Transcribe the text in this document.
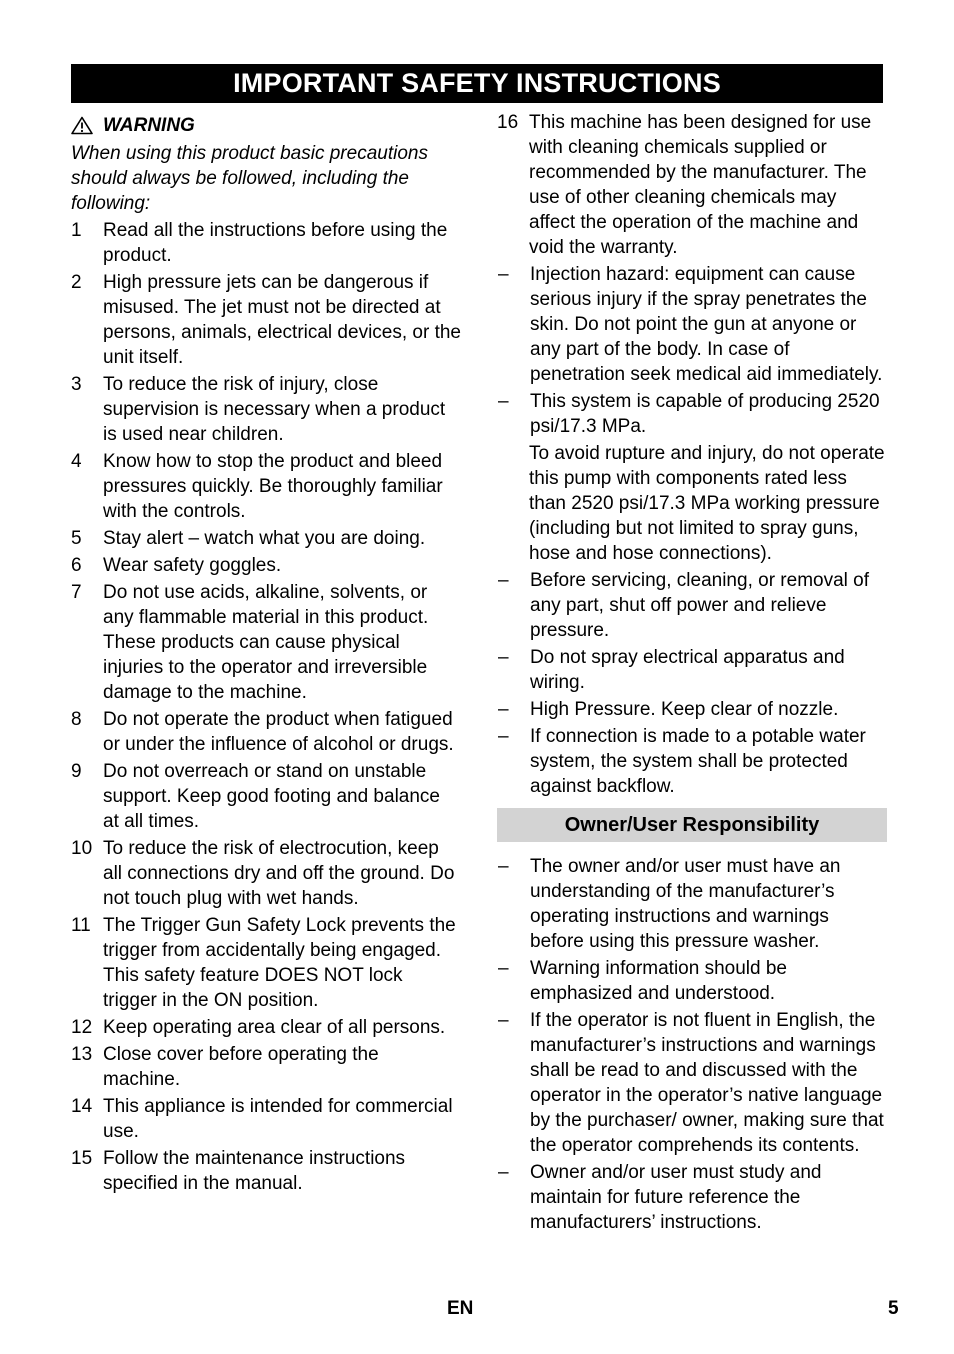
IMPORTANT SAFETY INSTRUCTIONS
WARNING
When using this product basic precautions should always be followed, including the following:
1	Read all the instructions before using the product.
2	High pressure jets can be dangerous if misused. The jet must not be directed at persons, animals, electrical devices, or the unit itself.
3	To reduce the risk of injury, close supervision is necessary when a product is used near children.
4	Know how to stop the product and bleed pressures quickly. Be thoroughly familiar with the controls.
5	Stay alert – watch what you are doing.
6	Wear safety goggles.
7	Do not use acids, alkaline, solvents, or any flammable material in this product. These products can cause physical injuries to the operator and irreversible damage to the machine.
8	Do not operate the product when fatigued or under the influence of alcohol or drugs.
9	Do not overreach or stand on unstable support. Keep good footing and balance at all times.
10 To reduce the risk of electrocution, keep all connections dry and off the ground. Do not touch plug with wet hands.
11 The Trigger Gun Safety Lock prevents the trigger from accidentally being engaged. This safety feature DOES NOT lock trigger in the ON position.
12 Keep operating area clear of all persons.
13 Close cover before operating the machine.
14 This appliance is intended for commercial use.
15 Follow the maintenance instructions specified in the manual.
16 This machine has been designed for use with cleaning chemicals supplied or recommended by the manufacturer. The use of other cleaning chemicals may affect the operation of the machine and void the warranty.
–	Injection hazard: equipment can cause serious injury if the spray penetrates the skin. Do not point the gun at anyone or any part of the body. In case of penetration seek medical aid immediately.
–	This system is capable of producing 2520 psi/17.3 MPa.
To avoid rupture and injury, do not operate this pump with components rated less than 2520 psi/17.3 MPa working pressure (including but not limited to spray guns, hose and hose connections).
–	Before servicing, cleaning, or removal of any part, shut off power and relieve pressure.
–	Do not spray electrical apparatus and wiring.
–	High Pressure. Keep clear of nozzle.
–	If connection is made to a potable water system, the system shall be protected against backflow.
Owner/User Responsibility
–	The owner and/or user must have an understanding of the manufacturer’s operating instructions and warnings before using this pressure washer.
–	Warning information should be emphasized and understood.
–	If the operator is not fluent in English, the manufacturer’s instructions and warnings shall be read to and discussed with the operator in the operator’s native language by the purchaser/ owner, making sure that the operator comprehends its contents.
–	Owner and/or user must study and maintain for future reference the manufacturers’ instructions.
EN	5
